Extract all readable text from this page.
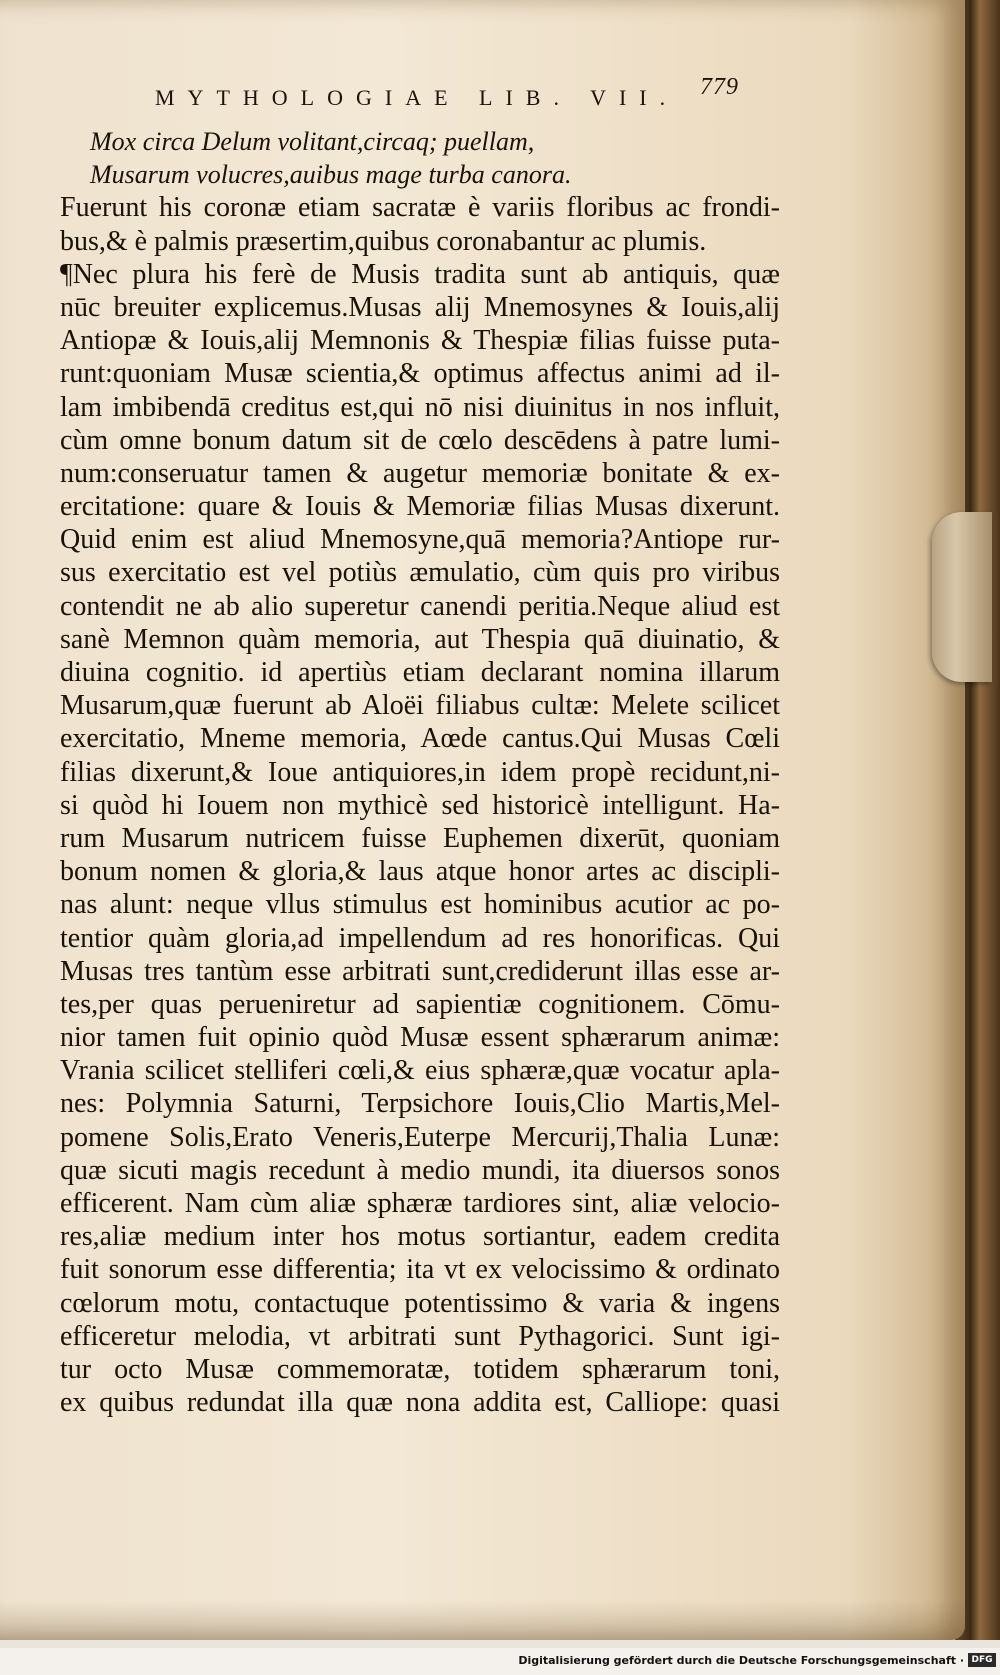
MYTHOLOGIAE LIB. VII. 779
Mox circa Delum volitant,circaq; puellam,
Musarum volucres,auibus mage turba canora.
Fuerunt his coronæ etiam sacratæ è variis floribus ac frondi-
bus,& è palmis præsertim,quibus coronabantur ac plumis.
¶Nec plura his ferè de Musis tradita sunt ab antiquis, quæ
nūc breuiter explicemus.Musas alij Mnemosynes & Iouis,alij
Antiopæ & Iouis,alij Memnonis & Thespiæ filias fuisse puta-
runt:quoniam Musæ scientia,& optimus affectus animi ad il-
lam imbibendā creditus est,qui nō nisi diuinitus in nos influit,
cùm omne bonum datum sit de cœlo descēdens à patre lumi-
num:conseruatur tamen & augetur memoriæ bonitate & ex-
ercitatione: quare & Iouis & Memoriæ filias Musas dixerunt.
Quid enim est aliud Mnemosyne,quā memoria?Antiope rur-
sus exercitatio est vel potiùs æmulatio, cùm quis pro viribus
contendit ne ab alio superetur canendi peritia.Neque aliud est
sanè Memnon quàm memoria, aut Thespia quā diuinatio, &
diuina cognitio. id apertiùs etiam declarant nomina illarum
Musarum,quæ fuerunt ab Aloëi filiabus cultæ: Melete scilicet
exercitatio, Mneme memoria, Aœde cantus.Qui Musas Cœli
filias dixerunt,& Ioue antiquiores,in idem propè recidunt,ni-
si quòd hi Iouem non mythicè sed historicè intelligunt. Ha-
rum Musarum nutricem fuisse Euphemen dixerūt, quoniam
bonum nomen & gloria,& laus atque honor artes ac discipli-
nas alunt: neque vllus stimulus est hominibus acutior ac po-
tentior quàm gloria,ad impellendum ad res honorificas. Qui
Musas tres tantùm esse arbitrati sunt,crediderunt illas esse ar-
tes,per quas perueniretur ad sapientiæ cognitionem. Cōmu-
nior tamen fuit opinio quòd Musæ essent sphærarum animæ:
Vrania scilicet stelliferi cœli,& eius sphæræ,quæ vocatur apla-
nes: Polymnia Saturni, Terpsichore Iouis,Clio Martis,Mel-
pomene Solis,Erato Veneris,Euterpe Mercurij,Thalia Lunæ:
quæ sicuti magis recedunt à medio mundi, ita diuersos sonos
efficerent. Nam cùm aliæ sphæræ tardiores sint, aliæ velocio-
res,aliæ medium inter hos motus sortiantur, eadem credita
fuit sonorum esse differentia; ita vt ex velocissimo & ordinato
cœlorum motu, contactuque potentissimo & varia & ingens
efficeretur melodia, vt arbitrati sunt Pythagorici. Sunt igi-
tur octo Musæ commemoratæ, totidem sphærarum toni,
ex quibus redundat illa quæ nona addita est, Calliope: quasi
Digitalisierung gefördert durch die Deutsche Forschungsgemeinschaft · DFG
